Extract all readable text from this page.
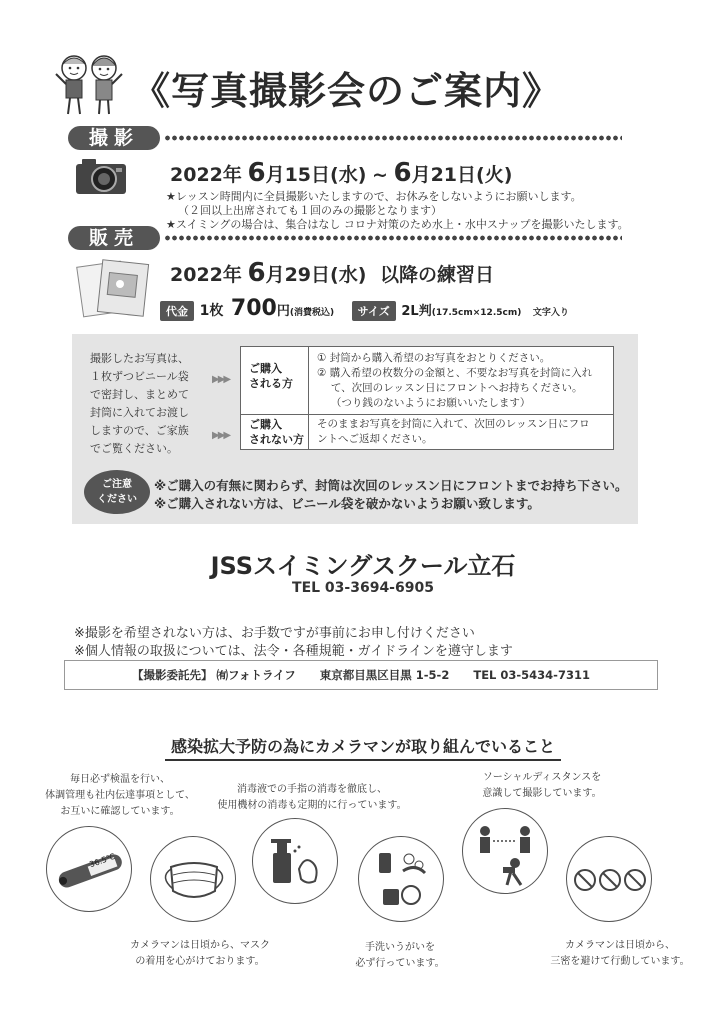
《写真撮影会のご案内》
撮影
2022年 6月15日(水) ~ 6月21日(火)
★レッスン時間内に全員撮影いたしますので、お休みをしないようにお願いします。
（２回以上出席されても１回のみの撮影となります）
★スイミングの場合は、集合はなし コロナ対策のため水上・水中スナップを撮影いたします。
販売
2022年 6月29日(水) 以降の練習日
代金 1枚 700円(消費税込) サイズ 2L判(17.5cm×12.5cm) 文字入り
撮影したお写真は、
１枚ずつビニール袋
で密封し、まとめて
封筒に入れてお渡し
しますので、ご家族
でご覧ください。
▶▶▶
▶▶▶
ご購入
される方

① 封筒から購入希望のお写真をおとりください。

② 購入希望の枚数分の金額と、不要なお写真を封筒に入れ

　 て、次回のレッスン日にフロントへお持ちください。

　 （つり銭のないようにお願いいたします）

ご購入
されない方

そのままお写真を封筒に入れて、次回のレッスン日にフロ

ントへご返却ください。

ご注意
ください
※ご購入の有無に関わらず、封筒は次回のレッスン日にフロントまでお持ち下さい。
※ご購入されない方は、ビニール袋を破かないようお願い致します。
JSSスイミングスクール立石
TEL 03-3694-6905
※撮影を希望されない方は、お手数ですが事前にお申し付けください
※個人情報の取扱については、法令・各種規範・ガイドラインを遵守します
【撮影委託先】 ㈲フォトライフ 東京都目黒区目黒 1-5-2 TEL 03-5434-7311
感染拡大予防の為にカメラマンが取り組んでいること
毎日必ず検温を行い、
体調管理も社内伝達事項として、
お互いに確認しています。
消毒液での手指の消毒を徹底し、
使用機材の消毒も定期的に行っています。
ソーシャルディスタンスを
意識して撮影しています。
36.5℃
カメラマンは日頃から、マスク
の着用を心がけております。
手洗いうがいを
必ず行っています。
カメラマンは日頃から、
三密を避けて行動しています。
